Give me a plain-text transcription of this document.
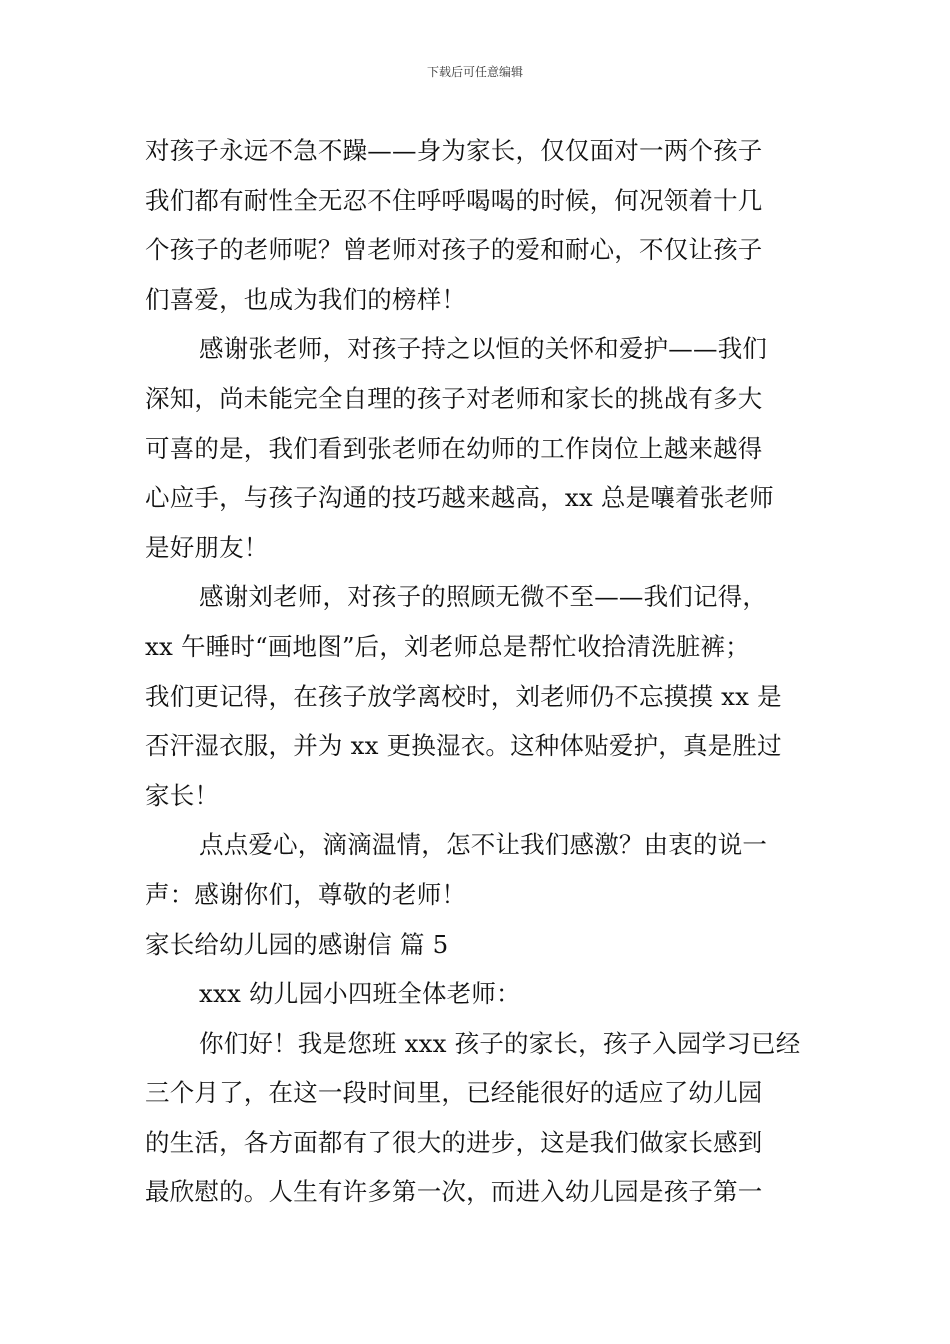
下载后可任意编辑
对孩子永远不急不躁——身为家长，仅仅面对一两个孩子
我们都有耐性全无忍不住呼呼喝喝的时候，何况领着十几
个孩子的老师呢？曾老师对孩子的爱和耐心，不仅让孩子
们喜爱，也成为我们的榜样！
感谢张老师，对孩子持之以恒的关怀和爱护——我们
深知，尚未能完全自理的孩子对老师和家长的挑战有多大
可喜的是，我们看到张老师在幼师的工作岗位上越来越得
心应手，与孩子沟通的技巧越来越高，xx 总是嚷着张老师
是好朋友！
感谢刘老师，对孩子的照顾无微不至——我们记得，
xx 午睡时“画地图”后，刘老师总是帮忙收拾清洗脏裤；
我们更记得，在孩子放学离校时，刘老师仍不忘摸摸 xx 是
否汗湿衣服，并为 xx 更换湿衣。这种体贴爱护，真是胜过
家长！
点点爱心，滴滴温情，怎不让我们感激？由衷的说一
声：感谢你们，尊敬的老师！
家长给幼儿园的感谢信 篇 5
xxx 幼儿园小四班全体老师：
你们好！我是您班 xxx 孩子的家长，孩子入园学习已经
三个月了，在这一段时间里，已经能很好的适应了幼儿园
的生活，各方面都有了很大的进步，这是我们做家长感到
最欣慰的。人生有许多第一次，而进入幼儿园是孩子第一
